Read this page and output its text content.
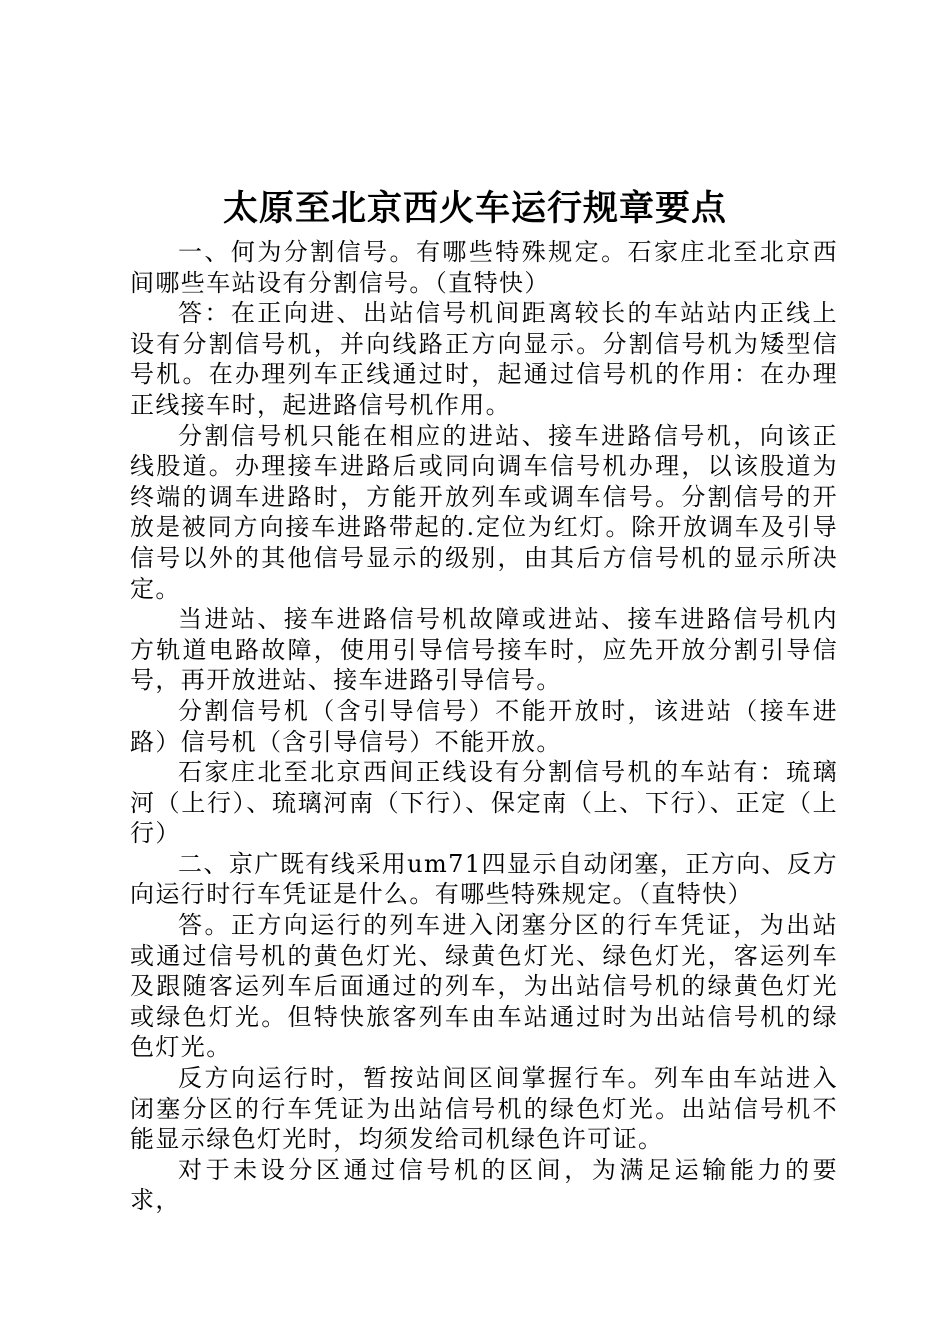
太原至北京西火车运行规章要点

一、何为分割信号。有哪些特殊规定。石家庄北至北京西间哪些车站设有分割信号。（直特快）

答：在正向进、出站信号机间距离较长的车站站内正线上设有分割信号机，并向线路正方向显示。分割信号机为矮型信号机。在办理列车正线通过时，起通过信号机的作用：在办理正线接车时，起进路信号机作用。

分割信号机只能在相应的进站、接车进路信号机，向该正线股道。办理接车进路后或同向调车信号机办理，以该股道为终端的调车进路时，方能开放列车或调车信号。分割信号的开放是被同方向接车进路带起的.定位为红灯。除开放调车及引导信号以外的其他信号显示的级别，由其后方信号机的显示所决定。

当进站、接车进路信号机故障或进站、接车进路信号机内方轨道电路故障，使用引导信号接车时，应先开放分割引导信号，再开放进站、接车进路引导信号。

分割信号机（含引导信号）不能开放时，该进站（接车进路）信号机（含引导信号）不能开放。

石家庄北至北京西间正线设有分割信号机的车站有：琉璃河（上行）、琉璃河南（下行）、保定南（上、下行）、正定（上行）

二、京广既有线采用um71四显示自动闭塞，正方向、反方向运行时行车凭证是什么。有哪些特殊规定。（直特快）

答。正方向运行的列车进入闭塞分区的行车凭证，为出站或通过信号机的黄色灯光、绿黄色灯光、绿色灯光，客运列车及跟随客运列车后面通过的列车，为出站信号机的绿黄色灯光或绿色灯光。但特快旅客列车由车站通过时为出站信号机的绿色灯光。

反方向运行时，暂按站间区间掌握行车。列车由车站进入闭塞分区的行车凭证为出站信号机的绿色灯光。出站信号机不能显示绿色灯光时，均须发给司机绿色许可证。

对于未设分区通过信号机的区间，为满足运输能力的要求，
